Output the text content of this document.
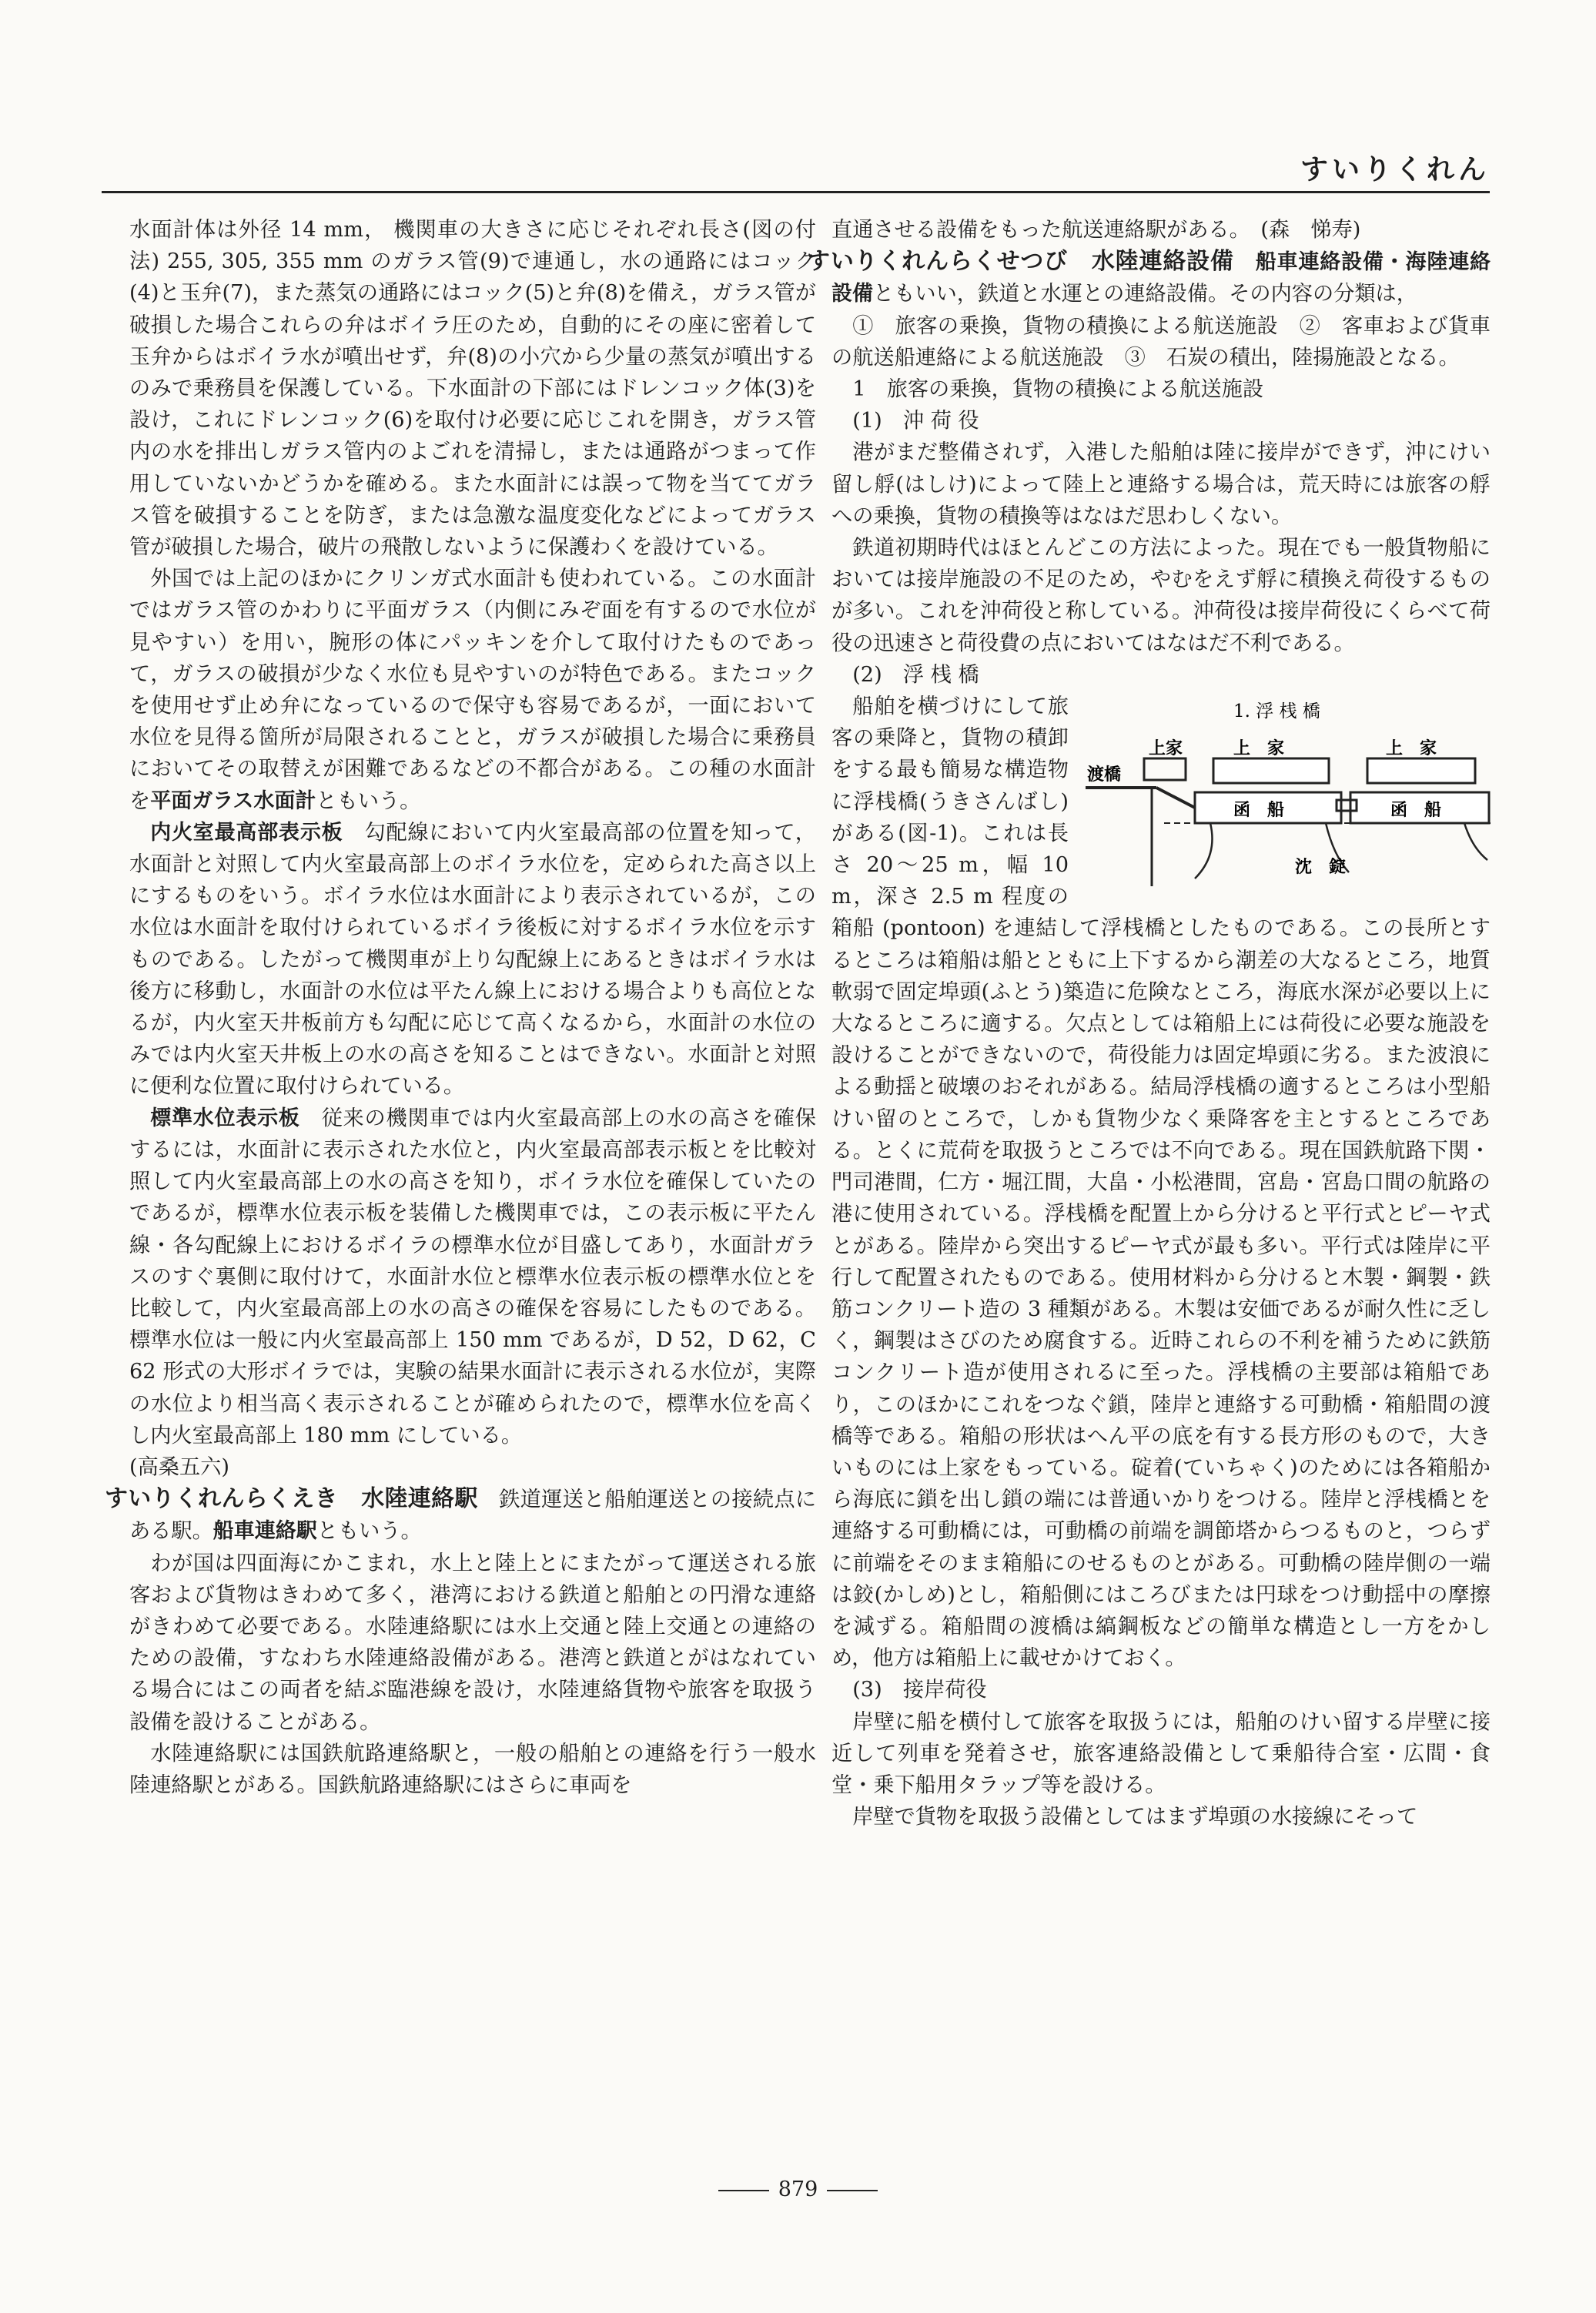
すいりくれん

水面計体は外径 14 mm， 機関車の大きさに応じそれぞれ長さ(図の付法) 255, 305, 355 mm のガラス管(9)で連通し，水の通路にはコック(4)と玉弁(7)，また蒸気の通路にはコック(5)と弁(8)を備え，ガラス管が破損した場合これらの弁はボイラ圧のため，自動的にその座に密着して玉弁からはボイラ水が噴出せず，弁(8)の小穴から少量の蒸気が噴出するのみで乗務員を保護している。下水面計の下部にはドレンコック体(3)を設け，これにドレンコック(6)を取付け必要に応じこれを開き，ガラス管内の水を排出しガラス管内のよごれを清掃し，または通路がつまって作用していないかどうかを確める。また水面計には誤って物を当ててガラス管を破損することを防ぎ，または急激な温度変化などによってガラス管が破損した場合，破片の飛散しないように保護わくを設けている。

外国では上記のほかにクリンガ式水面計も使われている。この水面計ではガラス管のかわりに平面ガラス（内側にみぞ面を有するので水位が見やすい）を用い，腕形の体にパッキンを介して取付けたものであって，ガラスの破損が少なく水位も見やすいのが特色である。またコックを使用せず止め弁になっているので保守も容易であるが，一面において水位を見得る箇所が局限されることと，ガラスが破損した場合に乗務員においてその取替えが困難であるなどの不都合がある。この種の水面計を平面ガラス水面計ともいう。

内火室最高部表示板　 勾配線において内火室最高部の位置を知って，水面計と対照して内火室最高部上のボイラ水位を，定められた高さ以上にするものをいう。ボイラ水位は水面計により表示されているが，この水位は水面計を取付けられているボイラ後板に対するボイラ水位を示すものである。したがって機関車が上り勾配線上にあるときはボイラ水は後方に移動し，水面計の水位は平たん線上における場合よりも高位となるが，内火室天井板前方も勾配に応じて高くなるから，水面計の水位のみでは内火室天井板上の水の高さを知ることはできない。水面計と対照に便利な位置に取付けられている。

標準水位表示板　 従来の機関車では内火室最高部上の水の高さを確保するには，水面計に表示された水位と，内火室最高部表示板とを比較対照して内火室最高部上の水の高さを知り，ボイラ水位を確保していたのであるが，標準水位表示板を装備した機関車では，この表示板に平たん線・各勾配線上におけるボイラの標準水位が目盛してあり，水面計ガラスのすぐ裏側に取付けて，水面計水位と標準水位表示板の標準水位とを比較して，内火室最高部上の水の高さの確保を容易にしたものである。標準水位は一般に内火室最高部上 150 mm であるが，D 52，D 62，C 62 形式の大形ボイラでは，実験の結果水面計に表示される水位が，実際の水位より相当高く表示されることが確められたので，標準水位を高くし内火室最高部上 180 mm にしている。

(高桑五六)

すいりくれんらくえき　 水陸連絡駅　 鉄道運送と船舶運送との接続点にある駅。船車連絡駅ともいう。

わが国は四面海にかこまれ，水上と陸上とにまたがって運送される旅客および貨物はきわめて多く，港湾における鉄道と船舶との円滑な連絡がきわめて必要である。水陸連絡駅には水上交通と陸上交通との連絡のための設備，すなわち水陸連絡設備がある。港湾と鉄道とがはなれている場合にはこの両者を結ぶ臨港線を設け，水陸連絡貨物や旅客を取扱う設備を設けることがある。

水陸連絡駅には国鉄航路連絡駅と，一般の船舶との連絡を行う一般水陸連絡駅とがある。国鉄航路連絡駅にはさらに車両を

直通させる設備をもった航送連絡駅がある。　 (森　悌寿)

すいりくれんらくせつび　 水陸連絡設備　 船車連絡設備・海陸連絡設備ともいい，鉄道と水運との連絡設備。その内容の分類は，

①　旅客の乗換，貨物の積換による航送施設　②　客車および貨車の航送船連絡による航送施設　③　石炭の積出，陸揚施設となる。

1　旅客の乗換，貨物の積換による航送施設

(1)　沖 荷 役

港がまだ整備されず，入港した船舶は陸に接岸ができず，沖にけい留し艀(はしけ)によって陸上と連絡する場合は，荒天時には旅客の艀への乗換，貨物の積換等はなはだ思わしくない。

鉄道初期時代はほとんどこの方法によった。現在でも一般貨物船においては接岸施設の不足のため，やむをえず艀に積換え荷役するものが多い。これを沖荷役と称している。沖荷役は接岸荷役にくらべて荷役の迅速さと荷役費の点においてはなはだ不利である。

(2)　浮 桟 橋

1. 浮 桟 橋
上家
渡橋
上　家
函　船
上　家
函　船
沈　錠
船舶を横づけにして旅客の乗降と，貨物の積卸をする最も簡易な構造物に浮桟橋(うきさんばし)がある(図-1)。これは長さ 20～25 m，幅 10 m，深さ 2.5 m 程度の箱船 (pontoon) を連結して浮桟橋としたものである。この長所とするところは箱船は船とともに上下するから潮差の大なるところ，地質軟弱で固定埠頭(ふとう)築造に危険なところ，海底水深が必要以上に大なるところに適する。欠点としては箱船上には荷役に必要な施設を設けることができないので，荷役能力は固定埠頭に劣る。また波浪による動揺と破壊のおそれがある。結局浮桟橋の適するところは小型船けい留のところで，しかも貨物少なく乗降客を主とするところである。とくに荒荷を取扱うところでは不向である。現在国鉄航路下関・門司港間，仁方・堀江間，大畠・小松港間，宮島・宮島口間の航路の港に使用されている。浮桟橋を配置上から分けると平行式とピーヤ式とがある。陸岸から突出するピーヤ式が最も多い。平行式は陸岸に平行して配置されたものである。使用材料から分けると木製・鋼製・鉄筋コンクリート造の 3 種類がある。木製は安価であるが耐久性に乏しく，鋼製はさびのため腐食する。近時これらの不利を補うために鉄筋コンクリート造が使用されるに至った。浮桟橋の主要部は箱船であり，このほかにこれをつなぐ鎖，陸岸と連絡する可動橋・箱船間の渡橋等である。箱船の形状はへん平の底を有する長方形のもので，大きいものには上家をもっている。碇着(ていちゃく)のためには各箱船から海底に鎖を出し鎖の端には普通いかりをつける。陸岸と浮桟橋とを連絡する可動橋には，可動橋の前端を調節塔からつるものと，つらずに前端をそのまま箱船にのせるものとがある。可動橋の陸岸側の一端は鉸(かしめ)とし，箱船側にはころびまたは円球をつけ動揺中の摩擦を減ずる。箱船間の渡橋は縞鋼板などの簡単な構造とし一方をかしめ，他方は箱船上に載せかけておく。

(3)　接岸荷役

岸壁に船を横付して旅客を取扱うには，船舶のけい留する岸壁に接近して列車を発着させ，旅客連絡設備として乗船待合室・広間・食堂・乗下船用タラップ等を設ける。

岸壁で貨物を取扱う設備としてはまず埠頭の水接線にそって

879
